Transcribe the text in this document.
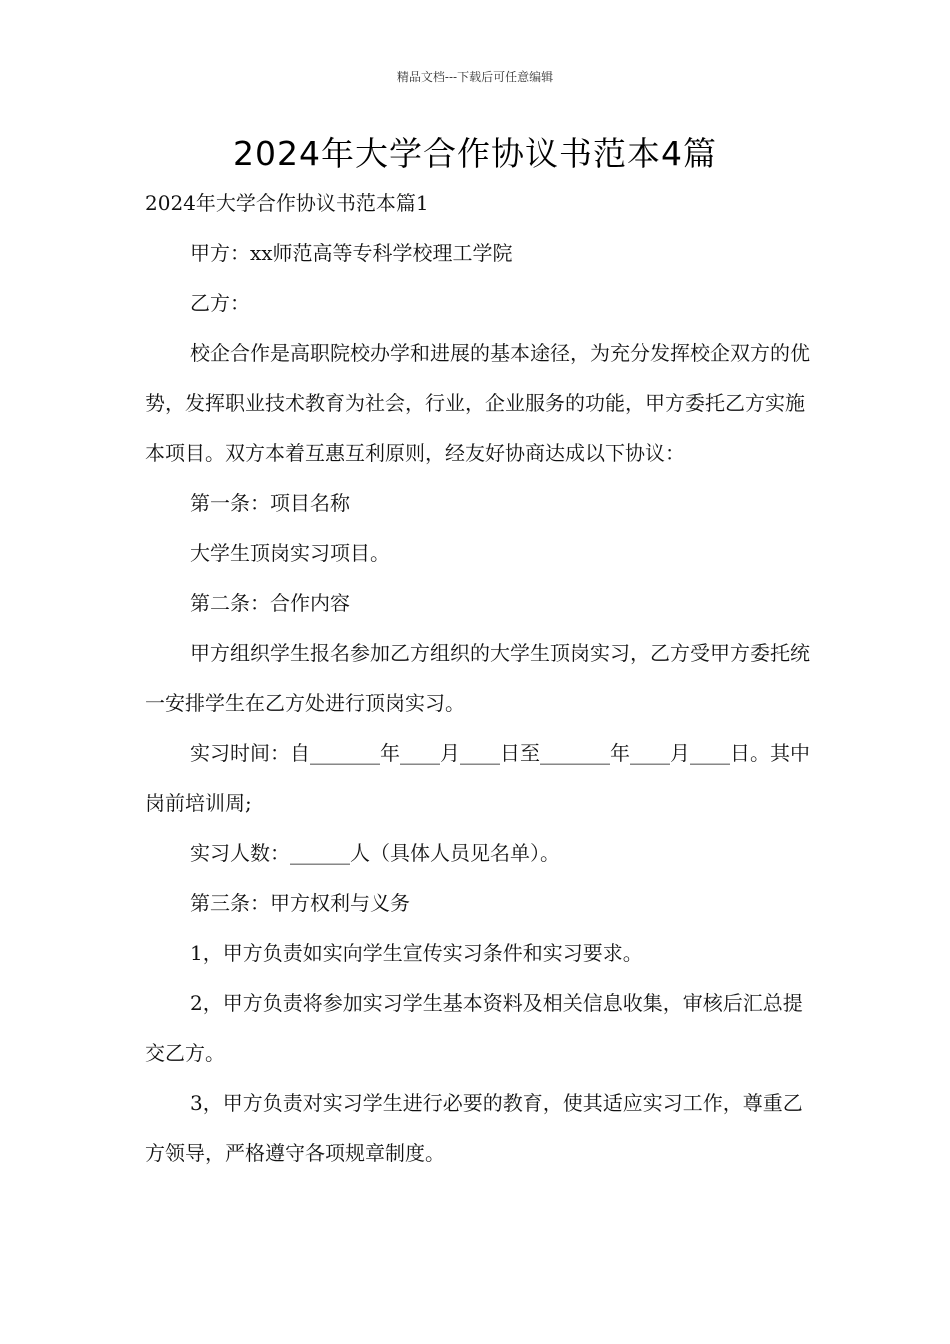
精品文档---下载后可任意编辑
2024年大学合作协议书范本4篇

2024年大学合作协议书范本篇1

甲方：xx师范高等专科学校理工学院

乙方：

校企合作是高职院校办学和进展的基本途径，为充分发挥校企双方的优势，发挥职业技术教育为社会，行业，企业服务的功能，甲方委托乙方实施本项目。双方本着互惠互利原则，经友好协商达成以下协议：

第一条：项目名称

大学生顶岗实习项目。

第二条：合作内容

甲方组织学生报名参加乙方组织的大学生顶岗实习，乙方受甲方委托统一安排学生在乙方处进行顶岗实习。

实习时间：自_______年____月____日至_______年____月____日。其中岗前培训周;

实习人数：______人（具体人员见名单）。

第三条：甲方权利与义务

1，甲方负责如实向学生宣传实习条件和实习要求。

2，甲方负责将参加实习学生基本资料及相关信息收集，审核后汇总提交乙方。

3，甲方负责对实习学生进行必要的教育，使其适应实习工作，尊重乙方领导，严格遵守各项规章制度。
